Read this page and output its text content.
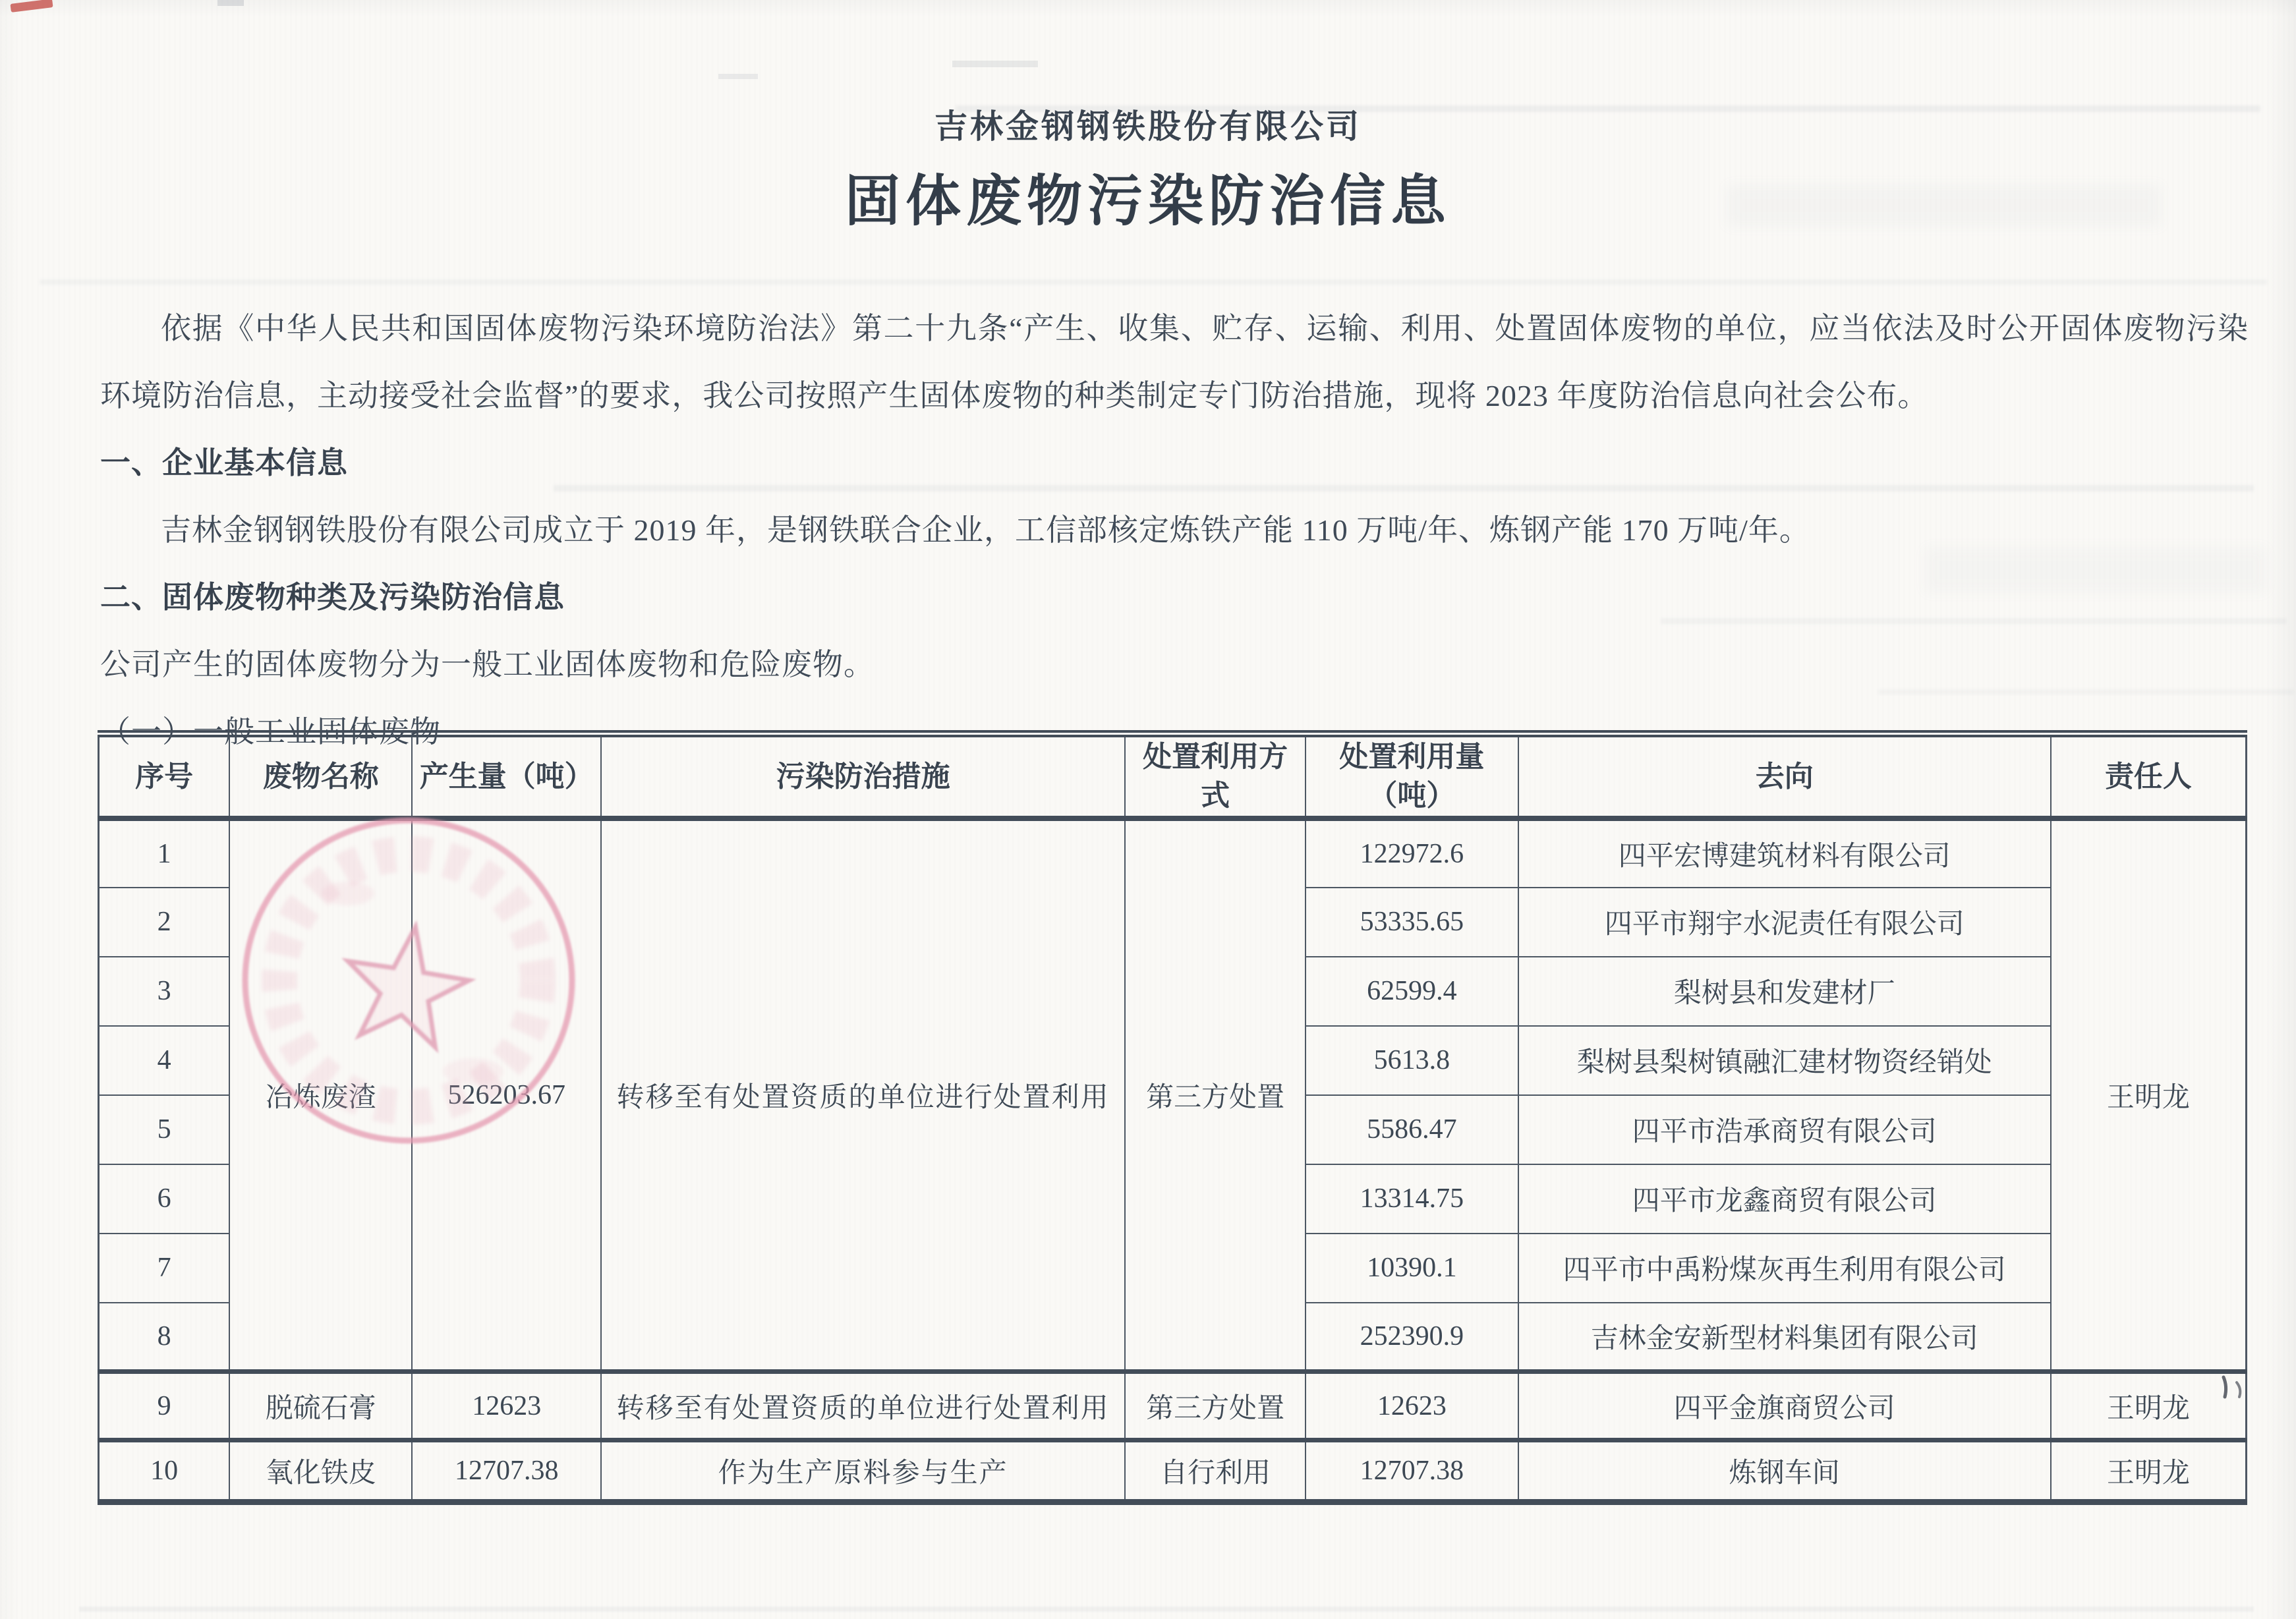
吉林金钢钢铁股份有限公司
固体废物污染防治信息

依据《中华人民共和国固体废物污染环境防治法》第二十九条“产生、收集、贮存、运输、利用、处置固体废物的单位，应当依法及时公开固体废物污染环境防治信息，主动接受社会监督”的要求，我公司按照产生固体废物的种类制定专门防治措施，现将 2023 年度防治信息向社会公布。

一、企业基本信息

吉林金钢钢铁股份有限公司成立于 2019 年，是钢铁联合企业，工信部核定炼铁产能 110 万吨/年、炼钢产能 170 万吨/年。

二、固体废物种类及污染防治信息

公司产生的固体废物分为一般工业固体废物和危险废物。

（一）一般工业固体废物

序号	废物名称	产生量（吨）	污染防治措施	处置利用方式	处置利用量（吨）	去向	责任人
1	冶炼废渣	526203.67	转移至有处置资质的单位进行处置利用	第三方处置	122972.6	四平宏博建筑材料有限公司	王明龙
2					53335.65	四平市翔宇水泥责任有限公司	
3					62599.4	梨树县和发建材厂	
4					5613.8	梨树县梨树镇融汇建材物资经销处	
5					5586.47	四平市浩承商贸有限公司	
6					13314.75	四平市龙鑫商贸有限公司	
7					10390.1	四平市中禹粉煤灰再生利用有限公司	
8					252390.9	吉林金安新型材料集团有限公司	
9	脱硫石膏	12623	转移至有处置资质的单位进行处置利用	第三方处置	12623	四平金旗商贸公司	王明龙
10	氧化铁皮	12707.38	作为生产原料参与生产	自行利用	12707.38	炼钢车间	王明龙
